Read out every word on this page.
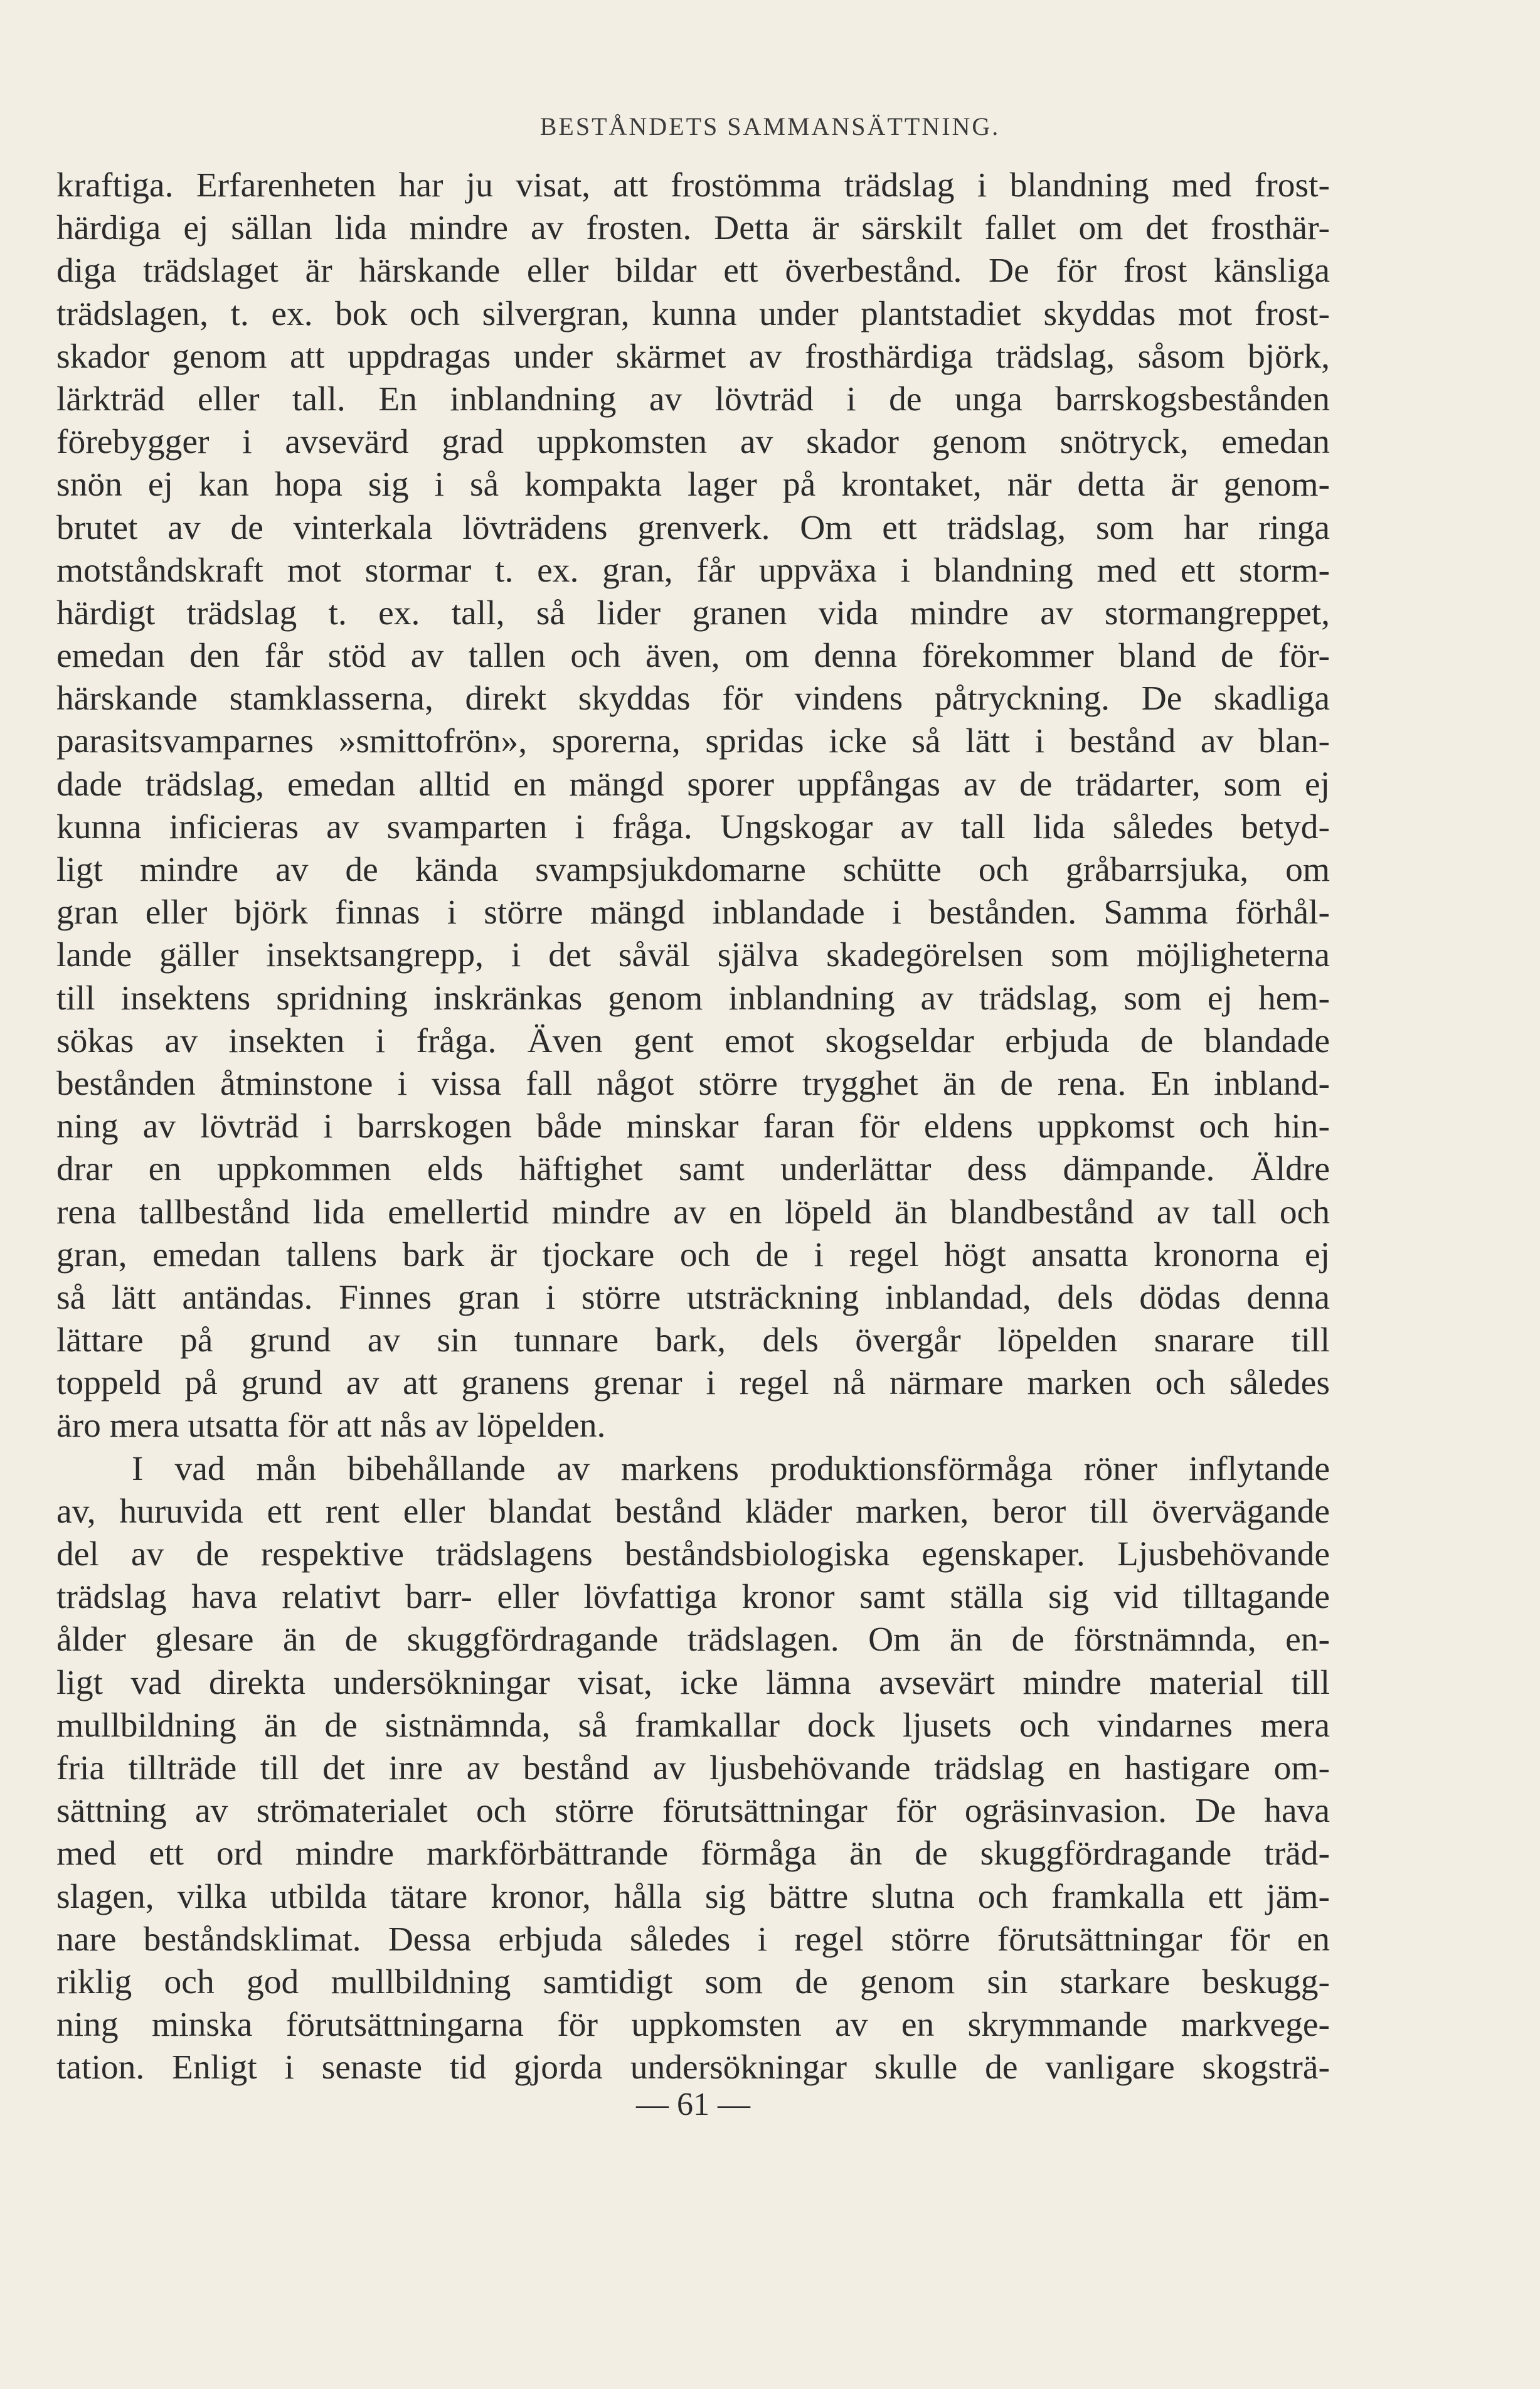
BESTÅNDETS SAMMANSÄTTNING.
kraftiga. Erfarenheten har ju visat, att frostömma trädslag i blandning med frost-
härdiga ej sällan lida mindre av frosten. Detta är särskilt fallet om det frosthär-
diga trädslaget är härskande eller bildar ett överbestånd. De för frost känsliga
trädslagen, t. ex. bok och silvergran, kunna under plantstadiet skyddas mot frost-
skador genom att uppdragas under skärmet av frosthärdiga trädslag, såsom björk,
lärkträd eller tall. En inblandning av lövträd i de unga barrskogsbestånden
förebygger i avsevärd grad uppkomsten av skador genom snötryck, emedan
snön ej kan hopa sig i så kompakta lager på krontaket, när detta är genom-
brutet av de vinterkala lövträdens grenverk. Om ett trädslag, som har ringa
motståndskraft mot stormar t. ex. gran, får uppväxa i blandning med ett storm-
härdigt trädslag t. ex. tall, så lider granen vida mindre av stormangreppet,
emedan den får stöd av tallen och även, om denna förekommer bland de för-
härskande stamklasserna, direkt skyddas för vindens påtryckning. De skadliga
parasitsvamparnes »smittofrön», sporerna, spridas icke så lätt i bestånd av blan-
dade trädslag, emedan alltid en mängd sporer uppfångas av de trädarter, som ej
kunna inficieras av svamparten i fråga. Ungskogar av tall lida således betyd-
ligt mindre av de kända svampsjukdomarne schütte och gråbarrsjuka, om
gran eller björk finnas i större mängd inblandade i bestånden. Samma förhål-
lande gäller insektsangrepp, i det såväl själva skadegörelsen som möjligheterna
till insektens spridning inskränkas genom inblandning av trädslag, som ej hem-
sökas av insekten i fråga. Även gent emot skogseldar erbjuda de blandade
bestånden åtminstone i vissa fall något större trygghet än de rena. En inbland-
ning av lövträd i barrskogen både minskar faran för eldens uppkomst och hin-
drar en uppkommen elds häftighet samt underlättar dess dämpande. Äldre
rena tallbestånd lida emellertid mindre av en löpeld än blandbestånd av tall och
gran, emedan tallens bark är tjockare och de i regel högt ansatta kronorna ej
så lätt antändas. Finnes gran i större utsträckning inblandad, dels dödas denna
lättare på grund av sin tunnare bark, dels övergår löpelden snarare till
toppeld på grund av att granens grenar i regel nå närmare marken och således
äro mera utsatta för att nås av löpelden.
I vad mån bibehållande av markens produktionsförmåga röner inflytande
av, huruvida ett rent eller blandat bestånd kläder marken, beror till övervägande
del av de respektive trädslagens beståndsbiologiska egenskaper. Ljusbehövande
trädslag hava relativt barr- eller lövfattiga kronor samt ställa sig vid tilltagande
ålder glesare än de skuggfördragande trädslagen. Om än de förstnämnda, en-
ligt vad direkta undersökningar visat, icke lämna avsevärt mindre material till
mullbildning än de sistnämnda, så framkallar dock ljusets och vindarnes mera
fria tillträde till det inre av bestånd av ljusbehövande trädslag en hastigare om-
sättning av strömaterialet och större förutsättningar för ogräsinvasion. De hava
med ett ord mindre markförbättrande förmåga än de skuggfördragande träd-
slagen, vilka utbilda tätare kronor, hålla sig bättre slutna och framkalla ett jäm-
nare beståndsklimat. Dessa erbjuda således i regel större förutsättningar för en
riklig och god mullbildning samtidigt som de genom sin starkare beskugg-
ning minska förutsättningarna för uppkomsten av en skrymmande markvege-
tation. Enligt i senaste tid gjorda undersökningar skulle de vanligare skogsträ-
— 61 —
